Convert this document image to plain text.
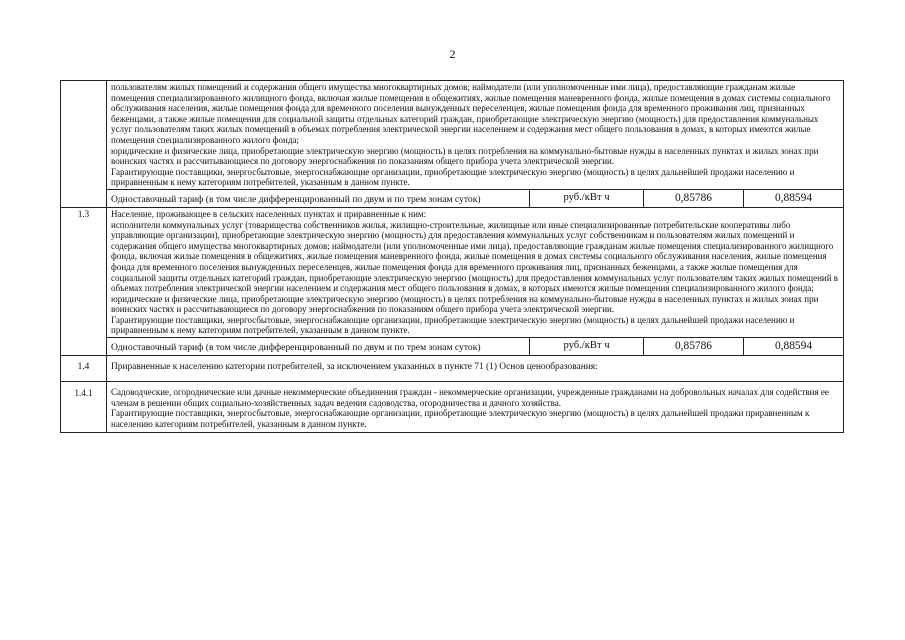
2

	пользователям жилых помещений и содержания общего имущества многоквартирных домов; наймодатели (или уполномоченные ими лица), предоставляющие гражданам жилые помещения специализированного жилищного фонда, включая жилые помещения в общежитиях, жилые помещения маневренного фонда, жилые помещения в домах системы социального обслуживания населения, жилые помещения фонда для временного поселения вынужденных переселенцев, жилые помещения фонда для временного проживания лиц, признанных беженцами, а также жилые помещения для социальной защиты отдельных категорий граждан, приобретающие электрическую энергию (мощность) для предоставления коммунальных услуг пользователям таких жилых помещений в объемах потребления электрической энергии населением и содержания мест общего пользования в домах, в которых имеются жилые помещения специализированного жилого фонда;

юридические и физические лица, приобретающие электрическую энергию (мощность) в целях потребления на коммунально-бытовые нужды в населенных пунктах и жилых зонах при воинских частях и рассчитывающиеся по договору энергоснабжения по показаниям общего прибора учета электрической энергии.

Гарантирующие поставщики, энергосбытовые, энергоснабжающие организации, приобретающие электрическую энергию (мощность) в целях дальнейшей продажи населению и приравненным к нему категориям потребителей, указанным в данном пункте.			

	Одноставочный тариф (в том числе дифференцированный по двум и по трем зонам суток)	руб./кВт ч	0,85786	0,88594
1.3	Население, проживающее в сельских населенных пунктах и приравненные к ним:

исполнители коммунальных услуг (товарищества собственников жилья, жилищно-строительные, жилищные или иные специализированные потребительские кооперативы либо управляющие организации), приобретающие электрическую энергию (мощность) для предоставления коммунальных услуг собственникам и пользователям жилых помещений и содержания общего имущества многоквартирных домов; наймодатели (или уполномоченные ими лица), предоставляющие гражданам жилые помещения специализированного жилищного фонда, включая жилые помещения в общежитиях, жилые помещения маневренного фонда, жилые помещения в домах системы социального обслуживания населения, жилые помещения фонда для временного поселения вынужденных переселенцев, жилые помещения фонда для временного проживания лиц, признанных беженцами, а также жилые помещения для социальной защиты отдельных категорий граждан, приобретающие электрическую энергию (мощность) для предоставления коммунальных услуг пользователям таких жилых помещений в объемах потребления электрической энергии населением и содержания мест общего пользования в домах, в которых имеются жилые помещения специализированного жилого фонда;

юридические и физические лица, приобретающие электрическую энергию (мощность) в целях потребления на коммунально-бытовые нужды в населенных пунктах и жилых зонах при воинских частях и рассчитывающиеся по договору энергоснабжения по показаниям общего прибора учета электрической энергии.

Гарантирующие поставщики, энергосбытовые, энергоснабжающие организации, приобретающие электрическую энергию (мощность) в целях дальнейшей продажи населению и приравненным к нему категориям потребителей, указанным в данном пункте.			

	Одноставочный тариф (в том числе дифференцированный по двум и по трем зонам суток)	руб./кВт ч	0,85786	0,88594
1.4	Приравненные к населению категории потребителей, за исключением указанных в пункте 71 (1) Основ ценообразования:			
1.4.1	Садоводческие, огороднические или дачные некоммерческие объединения граждан - некоммерческие организации, учрежденные гражданами на добровольных началах для содействия ее членам в решении общих социально-хозяйственных задач ведения садоводства, огородничества и дачного хозяйства.

Гарантирующие поставщики, энергосбытовые, энергоснабжающие организации, приобретающие электрическую энергию (мощность) в целях дальнейшей продажи приравненным к населению категориям потребителей, указанным в данном пункте.			
